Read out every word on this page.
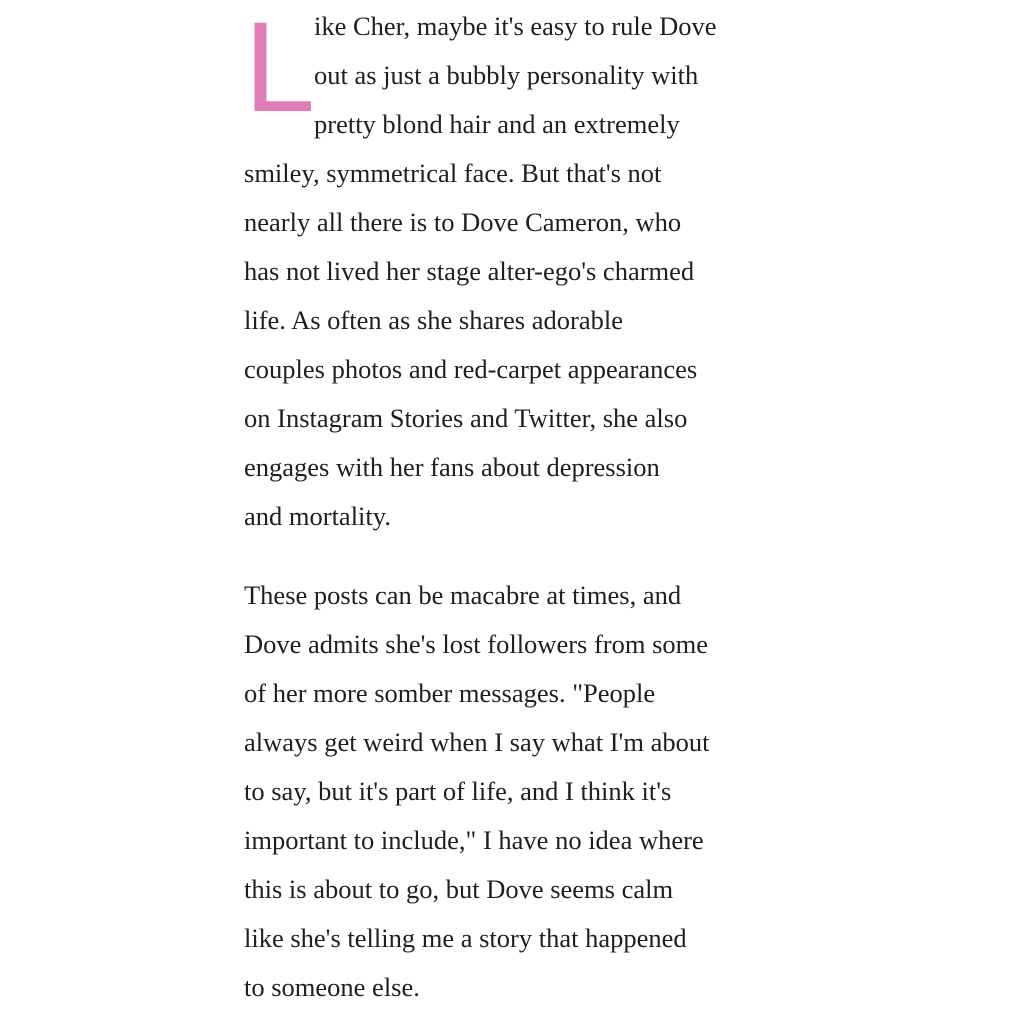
L
ike Cher, maybe it's easy to rule Dove
out as just a bubbly personality with
pretty blond hair and an extremely
smiley, symmetrical face. But that's not
nearly all there is to Dove Cameron, who
has not lived her stage alter-ego's charmed
life. As often as she shares adorable
couples photos and red-carpet appearances
on Instagram Stories and Twitter, she also
engages with her fans about depression
and mortality.
These posts can be macabre at times, and
Dove admits she's lost followers from some
of her more somber messages. "People
always get weird when I say what I'm about
to say, but it's part of life, and I think it's
important to include," I have no idea where
this is about to go, but Dove seems calm
like she's telling me a story that happened
to someone else.
